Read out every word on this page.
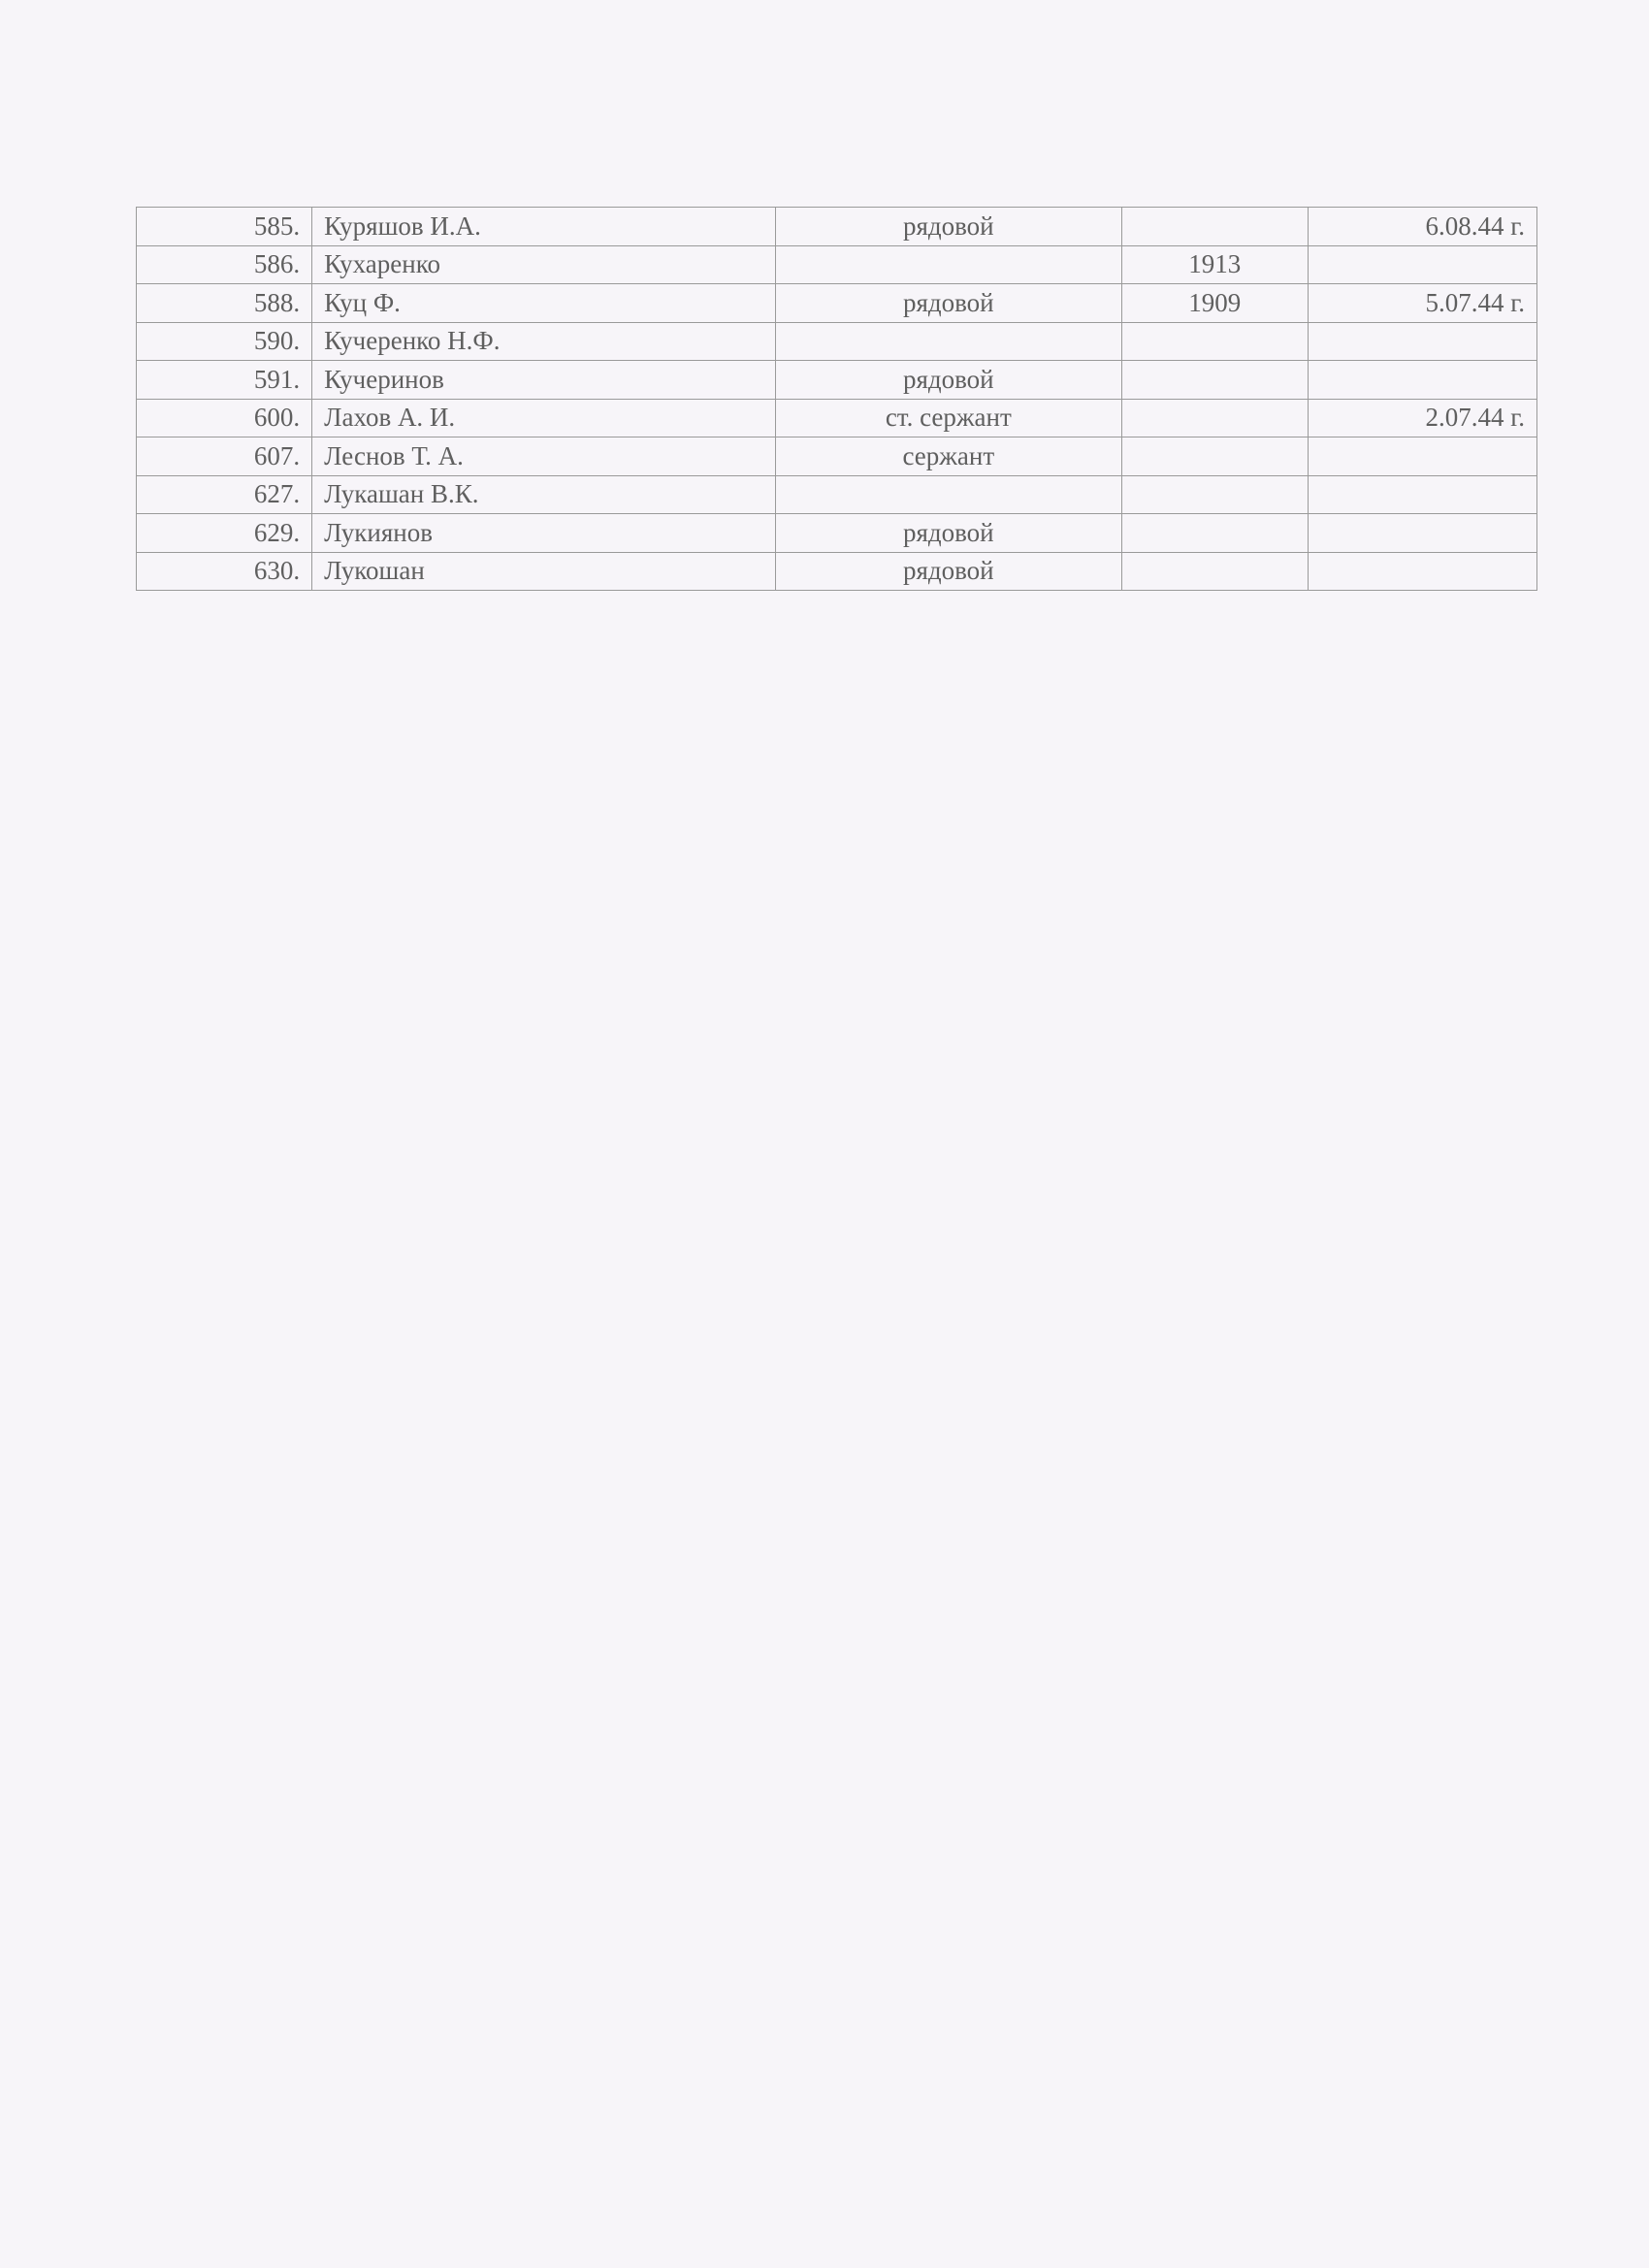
585.	Куряшов И.А.	рядовой		6.08.44 г.
586.	Кухаренко		1913	
588.	Куц Ф.	рядовой	1909	5.07.44 г.
590.	Кучеренко Н.Ф.			
591.	Кучеринов	рядовой		
600.	Лахов А. И.	ст. сержант		2.07.44 г.
607.	Леснов Т. А.	сержант		
627.	Лукашан В.К.			
629.	Лукиянов	рядовой		
630.	Лукошан	рядовой		
